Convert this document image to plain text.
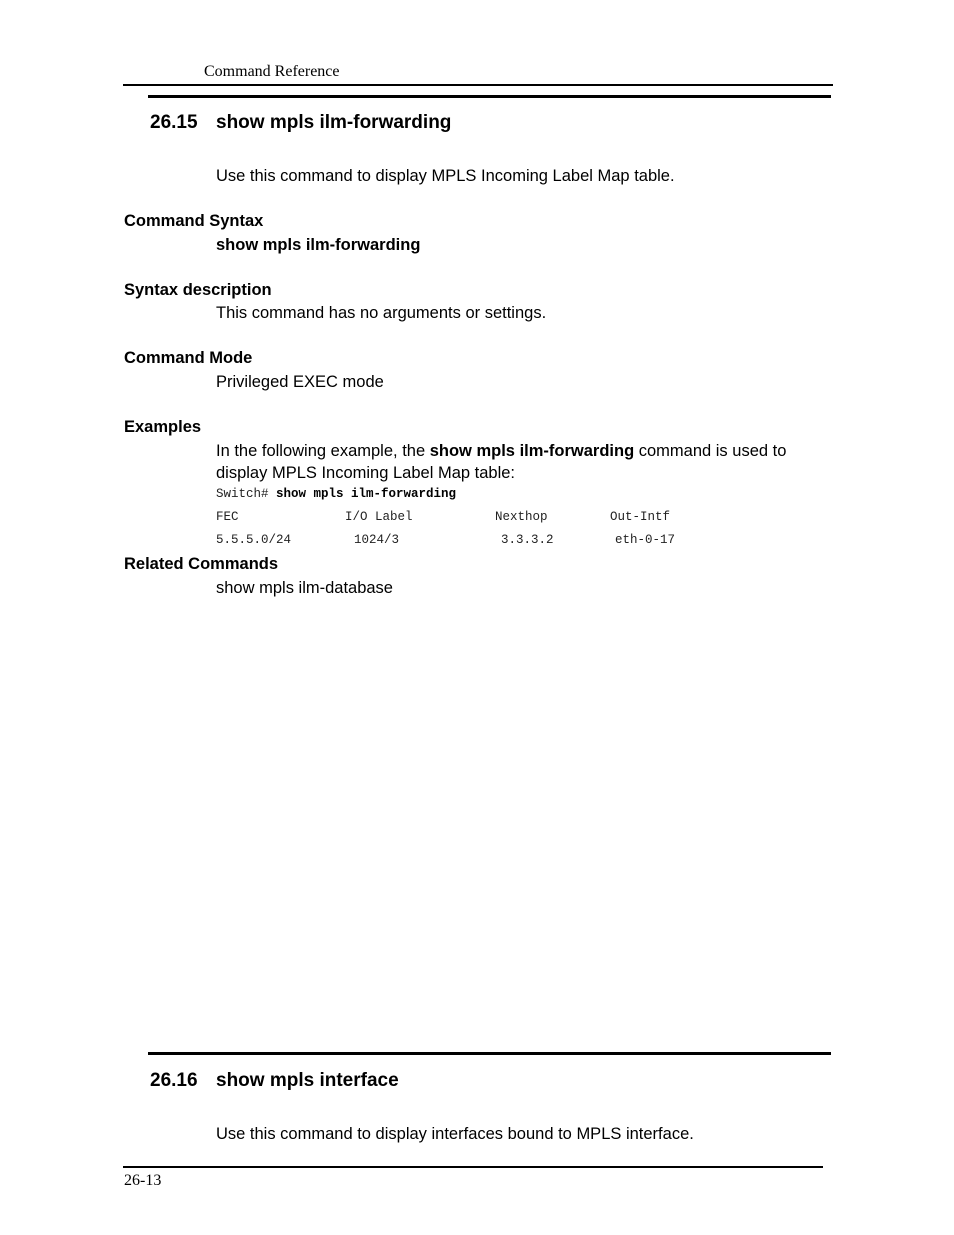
Command Reference
26.15 show mpls ilm-forwarding
Use this command to display MPLS Incoming Label Map table.
Command Syntax
show mpls ilm-forwarding
Syntax description
This command has no arguments or settings.
Command Mode
Privileged EXEC mode
Examples
In the following example, the show mpls ilm-forwarding command is used to
display MPLS Incoming Label Map table:
Switch# show mpls ilm-forwarding
FEC	I/O Label	Nexthop	Out-Intf
5.5.5.0/24	1024/3	3.3.3.2	eth-0-17
Related Commands
show mpls ilm-database
26.16 show mpls interface
Use this command to display interfaces bound to MPLS interface.
26-13
